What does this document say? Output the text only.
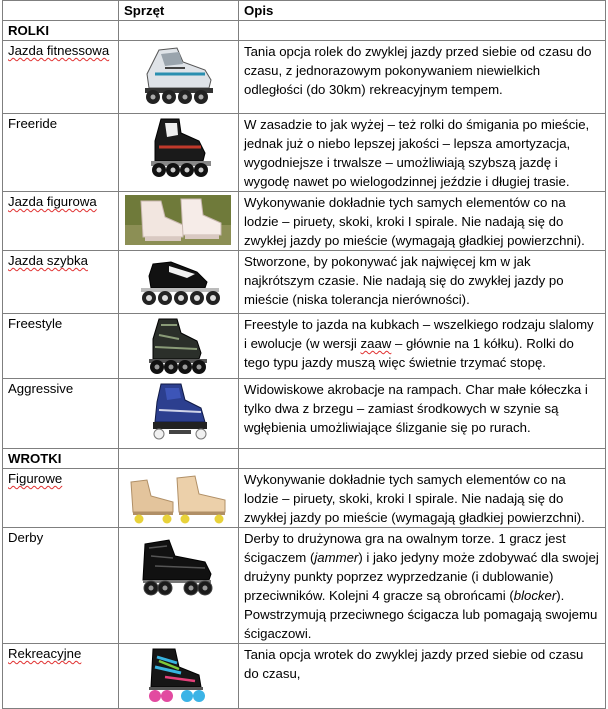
	Sprzęt	Opis
ROLKI		
Jazda fitnessowa		Tania opcja rolek do zwyklej jazdy przed siebie od czasu do czasu, z jednorazowym pokonywaniem niewielkich odległości (do 30km) rekreacyjnym tempem.
Freeride		W zasadzie to jak wyżej – też rolki do śmigania po mieście, jednak już o niebo lepszej jakości – lepsza amortyzacja, wygodniejsze i trwalsze – umożliwiają szybszą jazdę i wygodę nawet po wielogodzinnej jeździe i długiej trasie.
Jazda figurowa		Wykonywanie dokładnie tych samych elementów co na lodzie – piruety, skoki, kroki I spirale. Nie nadają się do zwykłej jazdy po mieście (wymagają gładkiej powierzchni).
Jazda szybka		Stworzone, by pokonywać jak najwięcej km w jak najkrótszym czasie. Nie nadają się do zwykłej jazdy po mieście (niska tolerancja nierówności).
Freestyle		Freestyle to jazda na kubkach – wszelkiego rodzaju slalomy i ewolucje (w wersji zaaw – głównie na 1 kółku). Rolki do tego typu jazdy muszą więc świetnie trzymać stopę.
Aggressive		Widowiskowe akrobacje na rampach. Char małe kółeczka i tylko dwa z brzegu – zamiast środkowych w szynie są wgłębienia umożliwiające ślizganie się po rurach.
WROTKI		
Figurowe		Wykonywanie dokładnie tych samych elementów co na lodzie – piruety, skoki, kroki I spirale. Nie nadają się do zwykłej jazdy po mieście (wymagają gładkiej powierzchni).
Derby		Derby to drużynowa gra na owalnym torze. 1 gracz jest ścigaczem (jammer) i jako jedyny może zdobywać dla swojej drużyny punkty poprzez wyprzedzanie (i dublowanie) przeciwników. Kolejni 4 gracze są obrońcami (blocker). Powstrzymują przeciwnego ścigacza lub pomagają swojemu ścigaczowi.
Rekreacyjne		Tania opcja wrotek do zwyklej jazdy przed siebie od czasu do czasu,
